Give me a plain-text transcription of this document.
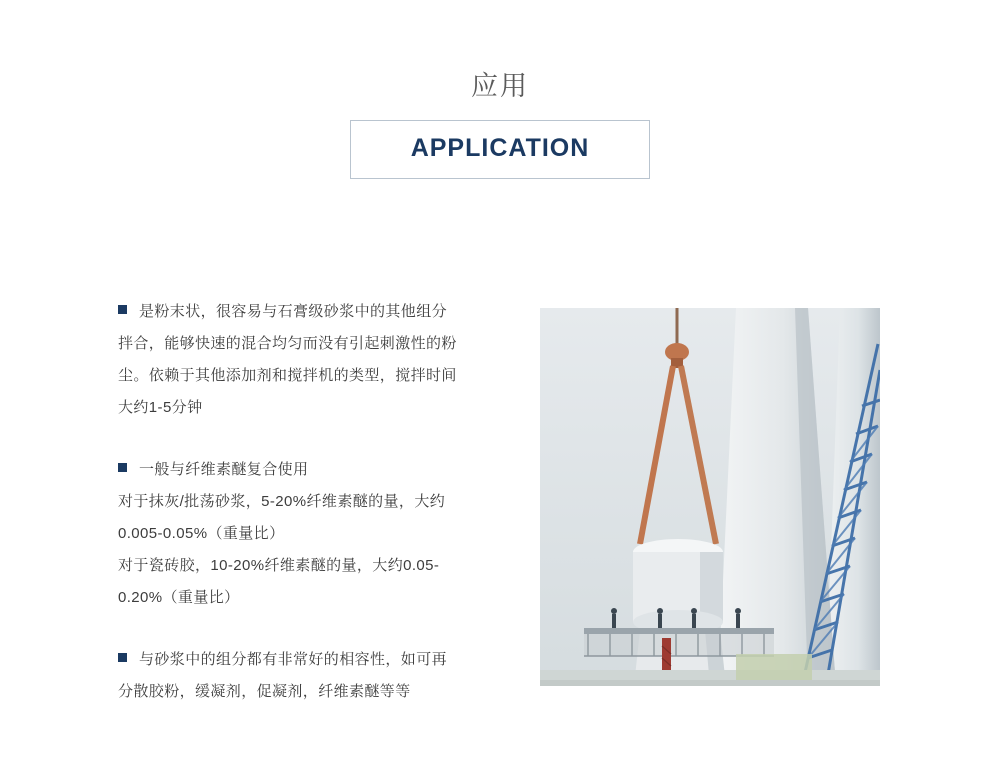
应用
APPLICATION
是粉末状，很容易与石膏级砂浆中的其他组分
拌合，能够快速的混合均匀而没有引起刺激性的粉
尘。依赖于其他添加剂和搅拌机的类型，搅拌时间
大约1-5分钟
一般与纤维素醚复合使用
对于抹灰/批荡砂浆，5-20%纤维素醚的量，大约
0.005-0.05%（重量比）
对于瓷砖胶，10-20%纤维素醚的量，大约0.05-
0.20%（重量比）
与砂浆中的组分都有非常好的相容性，如可再
分散胶粉，缓凝剂，促凝剂，纤维素醚等等
